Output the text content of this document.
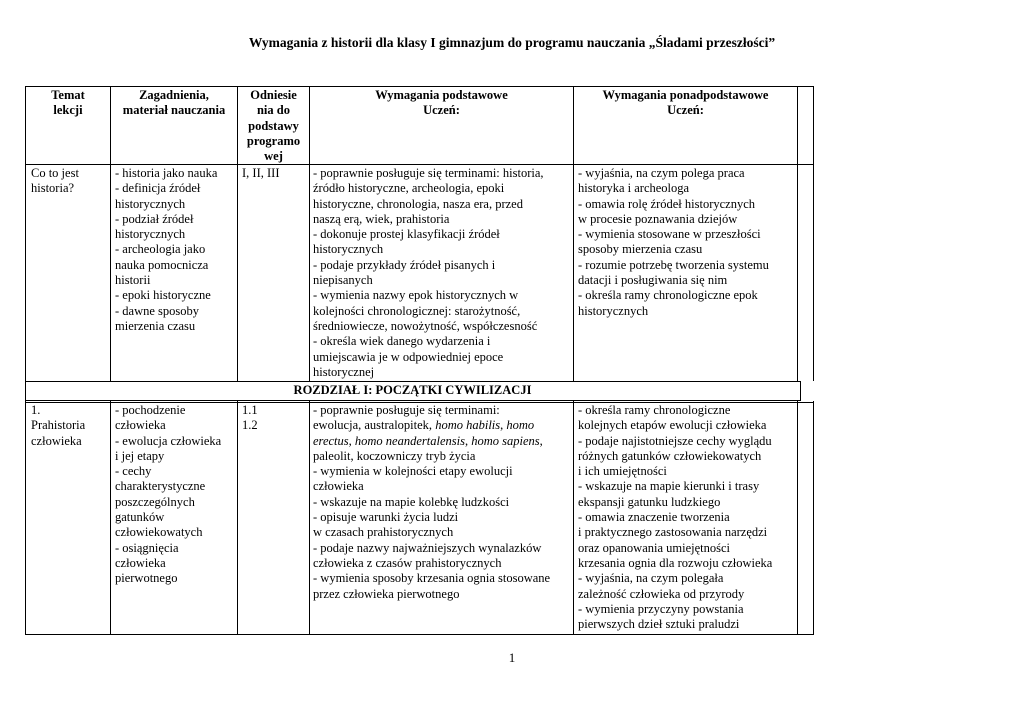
Wymagania z historii dla klasy I gimnazjum do programu nauczania „Śladami przeszłości”
Temat
lekcji
Zagadnienia,
materiał nauczania
Odniesie
nia do
podstawy
programo
wej
Wymagania podstawowe
Uczeń:
Wymagania ponadpodstawowe
Uczeń:
Co to jest
historia?
- historia jako nauka
- definicja źródeł
historycznych
- podział źródeł
historycznych
- archeologia jako
nauka pomocnicza
historii
- epoki historyczne
- dawne sposoby
mierzenia czasu
I, II, III	- poprawnie posługuje się terminami: historia,
źródło historyczne, archeologia, epoki
historyczne, chronologia, nasza era, przed
naszą erą, wiek, prahistoria
- dokonuje prostej klasyfikacji źródeł
historycznych
- podaje przykłady źródeł pisanych i
niepisanych
- wymienia nazwy epok historycznych w
kolejności chronologicznej: starożytność,
średniowiecze, nowożytność, współczesność
- określa wiek danego wydarzenia i
umiejscawia je w odpowiedniej epoce
historycznej
- wyjaśnia, na czym polega praca
historyka i archeologa
- omawia rolę źródeł historycznych
w procesie poznawania dziejów
- wymienia stosowane w przeszłości
sposoby mierzenia czasu
- rozumie potrzebę tworzenia systemu
datacji i posługiwania się nim
- określa ramy chronologiczne epok
historycznych
ROZDZIAŁ I: POCZĄTKI CYWILIZACJI
1.
Prahistoria
człowieka
- pochodzenie
człowieka
- ewolucja człowieka
i jej etapy
- cechy
charakterystyczne
poszczególnych
gatunków
człowiekowatych
- osiągnięcia
człowieka
pierwotnego
1.1
1.2
- poprawnie posługuje się terminami:
ewolucja, australopitek, homo habilis, homo
erectus, homo neandertalensis, homo sapiens,
paleolit, koczowniczy tryb życia
- wymienia w kolejności etapy ewolucji
człowieka
- wskazuje na mapie kolebkę ludzkości
- opisuje warunki życia ludzi
w czasach prahistorycznych
- podaje nazwy najważniejszych wynalazków
człowieka z czasów prahistorycznych
- wymienia sposoby krzesania ognia stosowane
przez człowieka pierwotnego
- określa ramy chronologiczne
kolejnych etapów ewolucji człowieka
- podaje najistotniejsze cechy wyglądu
różnych gatunków człowiekowatych
i ich umiejętności
- wskazuje na mapie kierunki i trasy
ekspansji gatunku ludzkiego
- omawia znaczenie tworzenia
i praktycznego zastosowania narzędzi
oraz opanowania umiejętności
krzesania ognia dla rozwoju człowieka
- wyjaśnia, na czym polegała
zależność człowieka od przyrody
- wymienia przyczyny powstania
pierwszych dzieł sztuki praludzi
1
